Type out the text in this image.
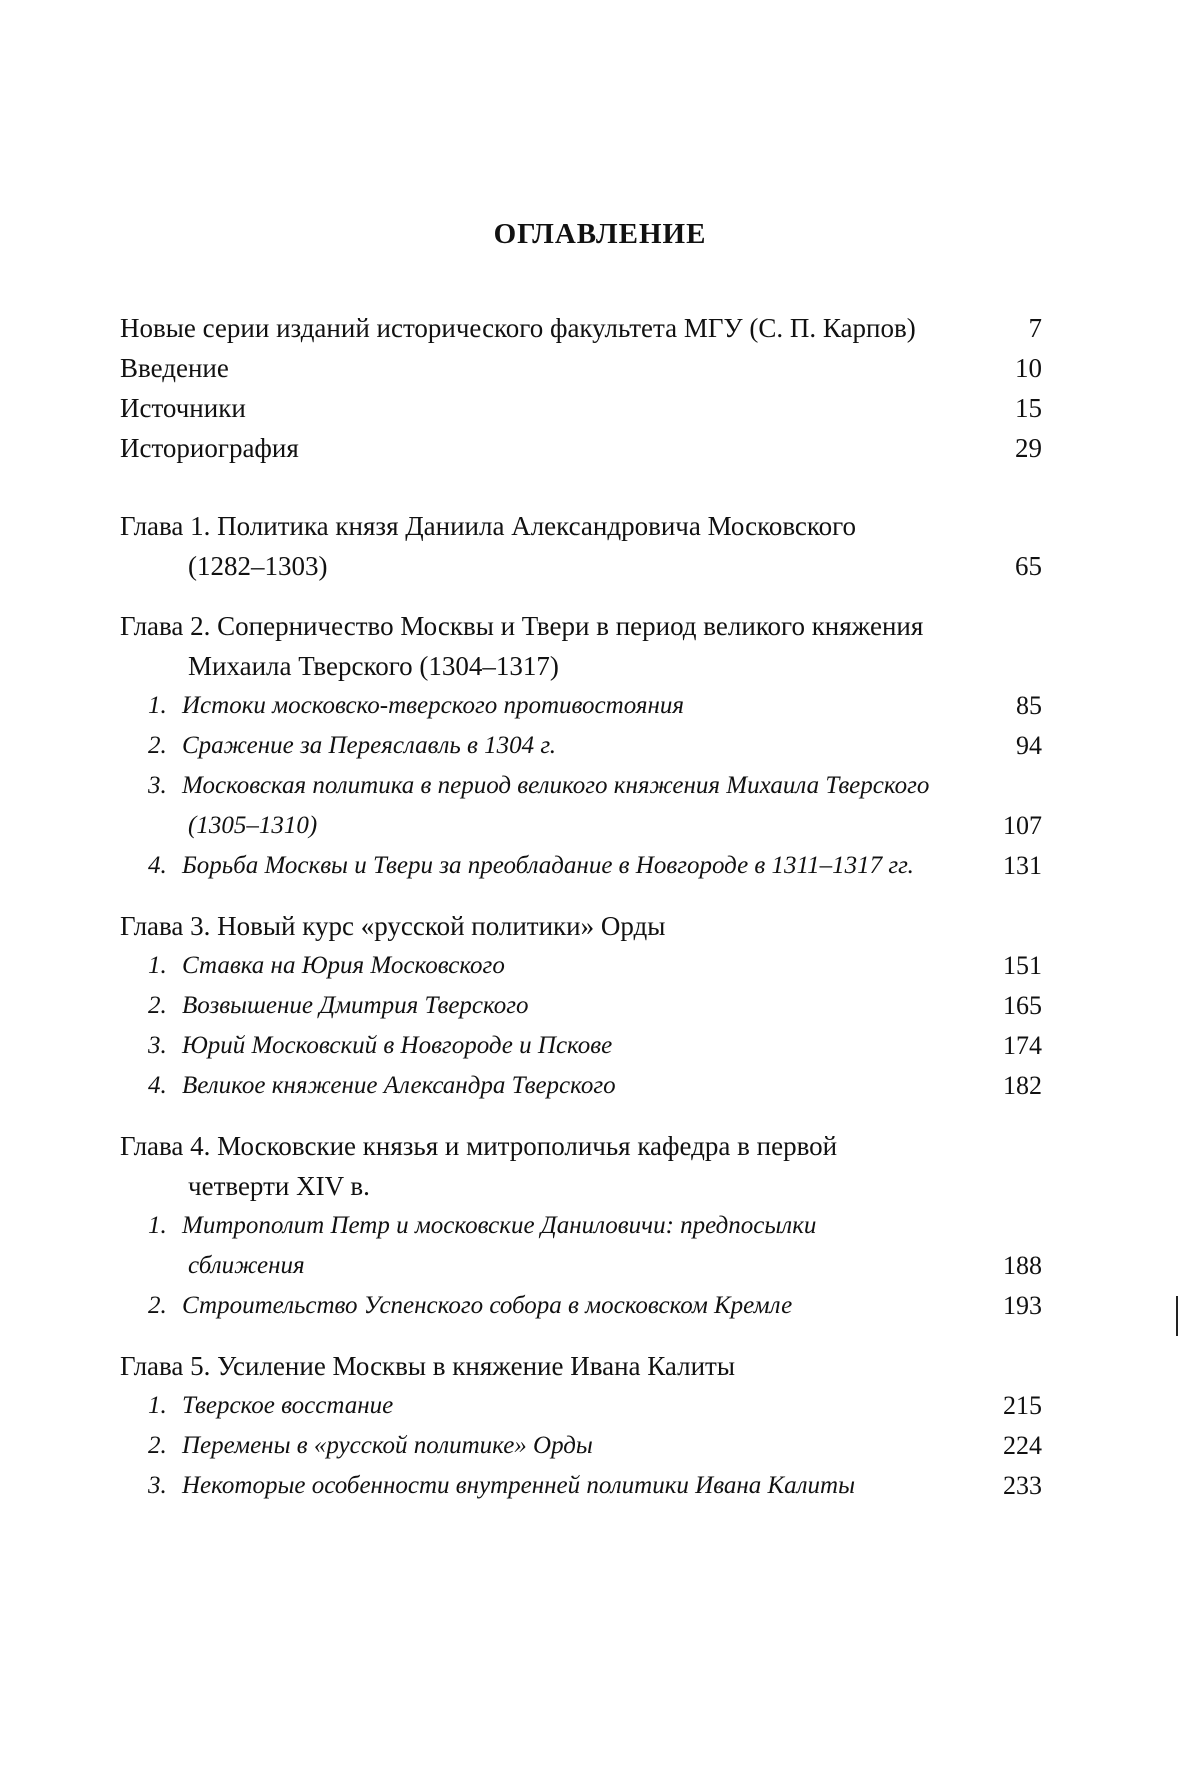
ОГЛАВЛЕНИЕ
Новые серии изданий исторического факультета МГУ (С. П. Карпов)	7
Введение	10
Источники	15
Историография	29
Глава 1. Политика князя Даниила Александровича Московского (1282–1303)	65
Глава 2. Соперничество Москвы и Твери в период великого княжения Михаила Тверского (1304–1317)
1. Истоки московско-тверского противостояния	85
2. Сражение за Переяславль в 1304 г.	94
3. Московская политика в период великого княжения Михаила Тверского (1305–1310)	107
4. Борьба Москвы и Твери за преобладание в Новгороде в 1311–1317 гг.	131
Глава 3. Новый курс «русской политики» Орды
1. Ставка на Юрия Московского	151
2. Возвышение Дмитрия Тверского	165
3. Юрий Московский в Новгороде и Пскове	174
4. Великое княжение Александра Тверского	182
Глава 4. Московские князья и митрополичья кафедра в первой четверти XIV в.
1. Митрополит Петр и московские Даниловичи: предпосылки сближения	188
2. Строительство Успенского собора в московском Кремле	193
Глава 5. Усиление Москвы в княжение Ивана Калиты
1. Тверское восстание	215
2. Перемены в «русской политике» Орды	224
3. Некоторые особенности внутренней политики Ивана Калиты	233
